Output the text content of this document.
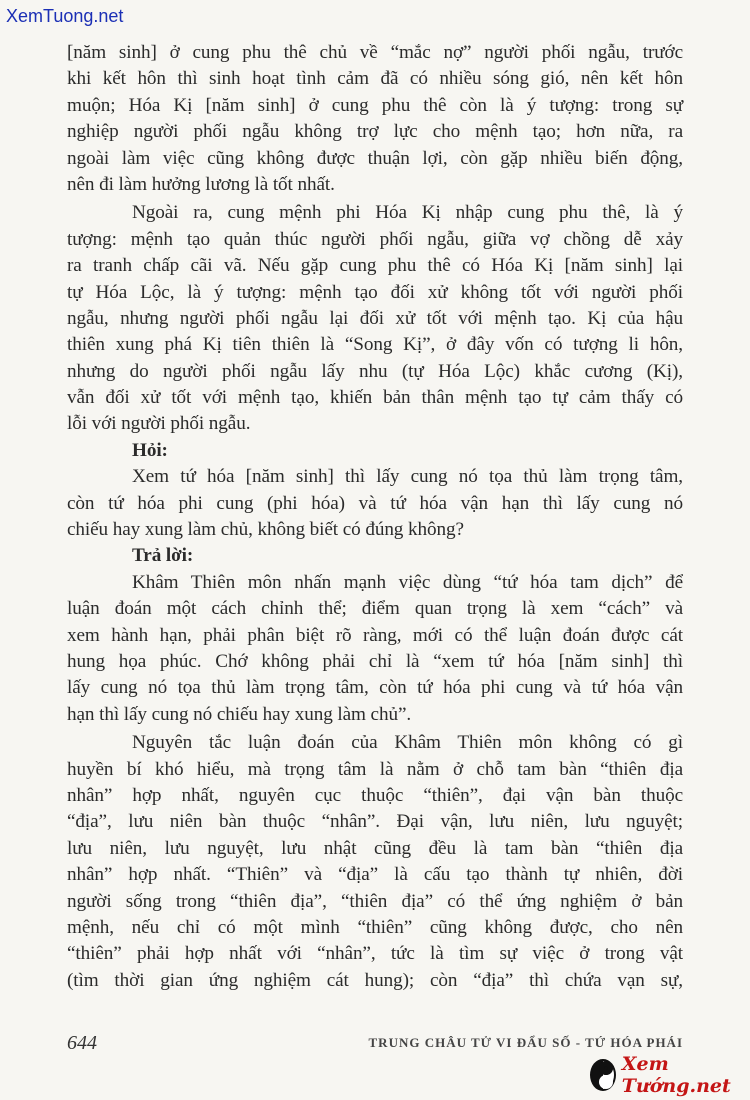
XemTuong.net
[năm sinh] ở cung phu thê chủ về “mắc nợ” người phối ngẫu, trước
khi kết hôn thì sinh hoạt tình cảm đã có nhiều sóng gió, nên kết hôn
muộn; Hóa Kị [năm sinh] ở cung phu thê còn là ý tượng: trong sự
nghiệp người phối ngẫu không trợ lực cho mệnh tạo; hơn nữa, ra
ngoài làm việc cũng không được thuận lợi, còn gặp nhiều biến động,
nên đi làm hưởng lương là tốt nhất.
Ngoài ra, cung mệnh phi Hóa Kị nhập cung phu thê, là ý
tượng: mệnh tạo quản thúc người phối ngẫu, giữa vợ chồng dễ xảy
ra tranh chấp cãi vã. Nếu gặp cung phu thê có Hóa Kị [năm sinh] lại
tự Hóa Lộc, là ý tượng: mệnh tạo đối xử không tốt với người phối
ngẫu, nhưng người phối ngẫu lại đối xử tốt với mệnh tạo. Kị của hậu
thiên xung phá Kị tiên thiên là “Song Kị”, ở đây vốn có tượng li hôn,
nhưng do người phối ngẫu lấy nhu (tự Hóa Lộc) khắc cương (Kị),
vẫn đối xử tốt với mệnh tạo, khiến bản thân mệnh tạo tự cảm thấy có
lỗi với người phối ngẫu.
Hỏi:
Xem tứ hóa [năm sinh] thì lấy cung nó tọa thủ làm trọng tâm,
còn tứ hóa phi cung (phi hóa) và tứ hóa vận hạn thì lấy cung nó
chiếu hay xung làm chủ, không biết có đúng không?
Trả lời:
Khâm Thiên môn nhấn mạnh việc dùng “tứ hóa tam dịch” để
luận đoán một cách chỉnh thể; điểm quan trọng là xem “cách” và
xem hành hạn, phải phân biệt rõ ràng, mới có thể luận đoán được cát
hung họa phúc. Chớ không phải chỉ là “xem tứ hóa [năm sinh] thì
lấy cung nó tọa thủ làm trọng tâm, còn tứ hóa phi cung và tứ hóa vận
hạn thì lấy cung nó chiếu hay xung làm chủ”.
Nguyên tắc luận đoán của Khâm Thiên môn không có gì
huyền bí khó hiểu, mà trọng tâm là nằm ở chỗ tam bàn “thiên địa
nhân” hợp nhất, nguyên cục thuộc “thiên”, đại vận bàn thuộc
“địa”, lưu niên bàn thuộc “nhân”. Đại vận, lưu niên, lưu nguyệt;
lưu niên, lưu nguyệt, lưu nhật cũng đều là tam bàn “thiên địa
nhân” hợp nhất. “Thiên” và “địa” là cấu tạo thành tự nhiên, đời
người sống trong “thiên địa”, “thiên địa” có thể ứng nghiệm ở bản
mệnh, nếu chỉ có một mình “thiên” cũng không được, cho nên
“thiên” phải hợp nhất với “nhân”, tức là tìm sự việc ở trong vật
(tìm thời gian ứng nghiệm cát hung); còn “địa” thì chứa vạn sự,
644	TRUNG CHÂU TỬ VI ĐẨU SỐ - TỨ HÓA PHÁI
Xem Tướng.net
